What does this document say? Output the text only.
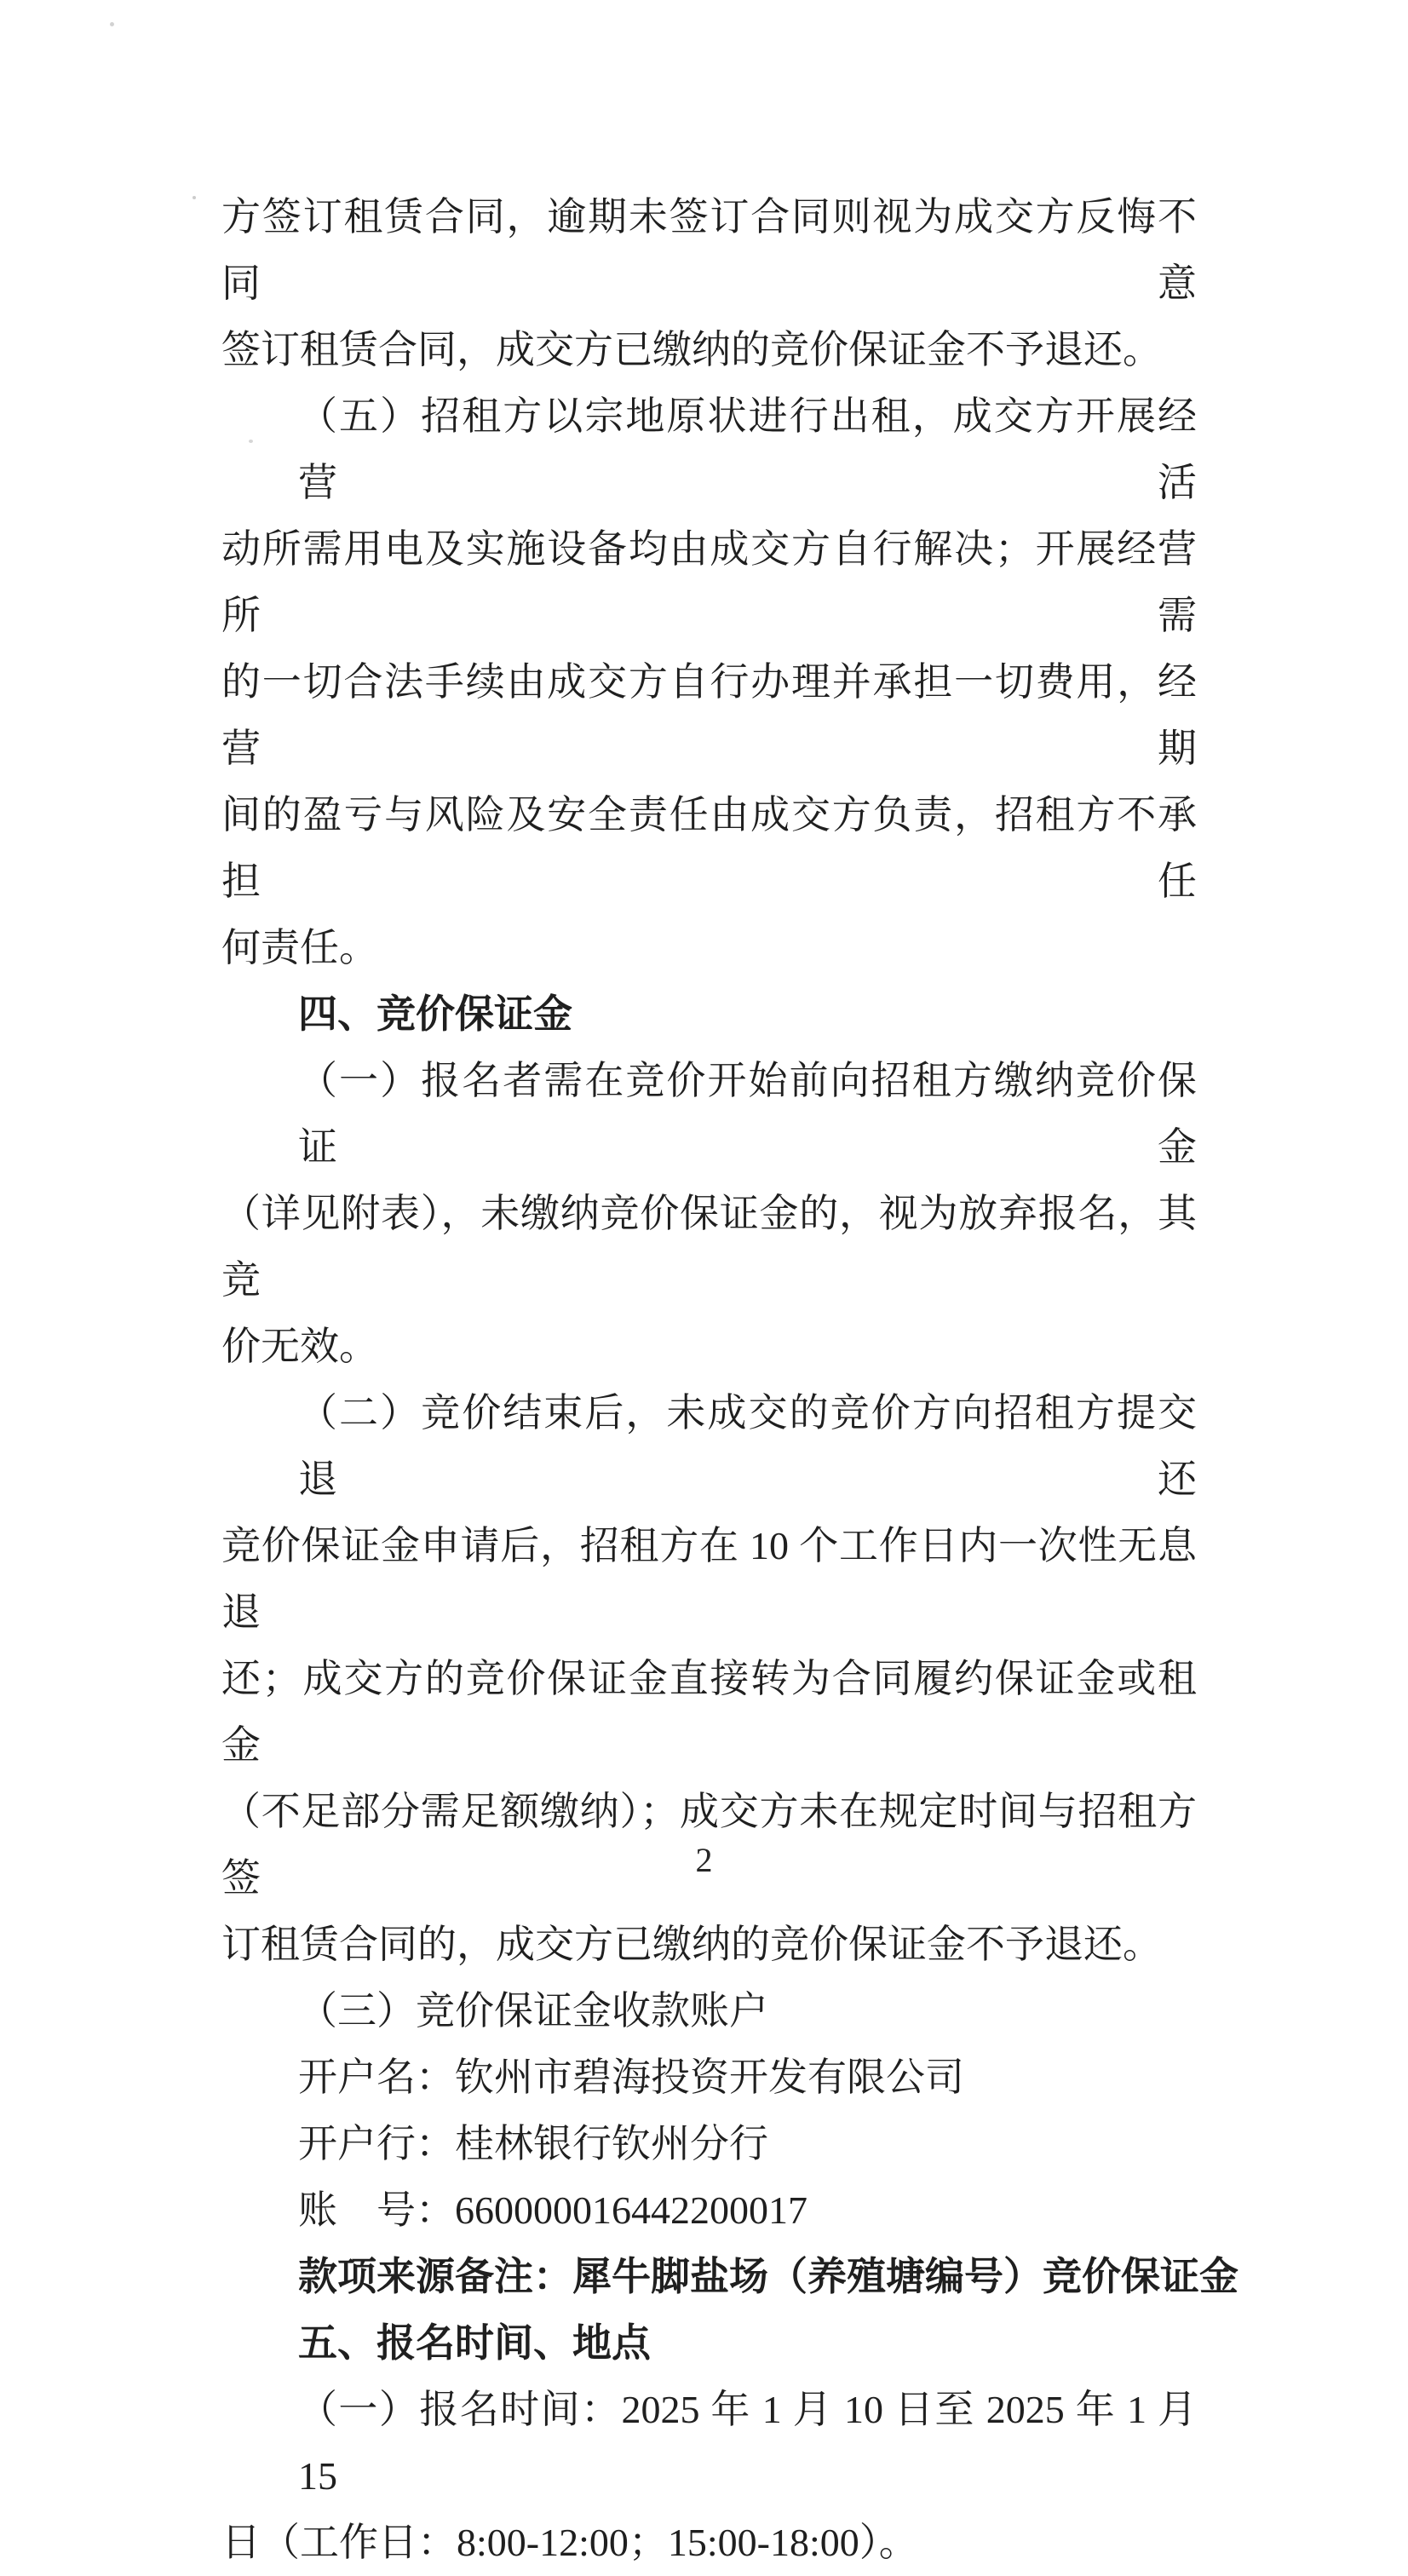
方签订租赁合同，逾期未签订合同则视为成交方反悔不同意
签订租赁合同，成交方已缴纳的竞价保证金不予退还。
（五）招租方以宗地原状进行出租，成交方开展经营活
动所需用电及实施设备均由成交方自行解决；开展经营所需
的一切合法手续由成交方自行办理并承担一切费用，经营期
间的盈亏与风险及安全责任由成交方负责，招租方不承担任
何责任。
四、竞价保证金
（一）报名者需在竞价开始前向招租方缴纳竞价保证金
（详见附表），未缴纳竞价保证金的，视为放弃报名，其竞
价无效。
（二）竞价结束后，未成交的竞价方向招租方提交退还
竞价保证金申请后，招租方在 10 个工作日内一次性无息退
还；成交方的竞价保证金直接转为合同履约保证金或租金
（不足部分需足额缴纳）；成交方未在规定时间与招租方签
订租赁合同的，成交方已缴纳的竞价保证金不予退还。
（三）竞价保证金收款账户
开户名：钦州市碧海投资开发有限公司
开户行：桂林银行钦州分行
账　号：660000016442200017
款项来源备注：犀牛脚盐场（养殖塘编号）竞价保证金
五、报名时间、地点
（一）报名时间：2025 年 1 月 10 日至 2025 年 1 月 15
日（工作日：8:00-12:00；15:00-18:00）。
2
